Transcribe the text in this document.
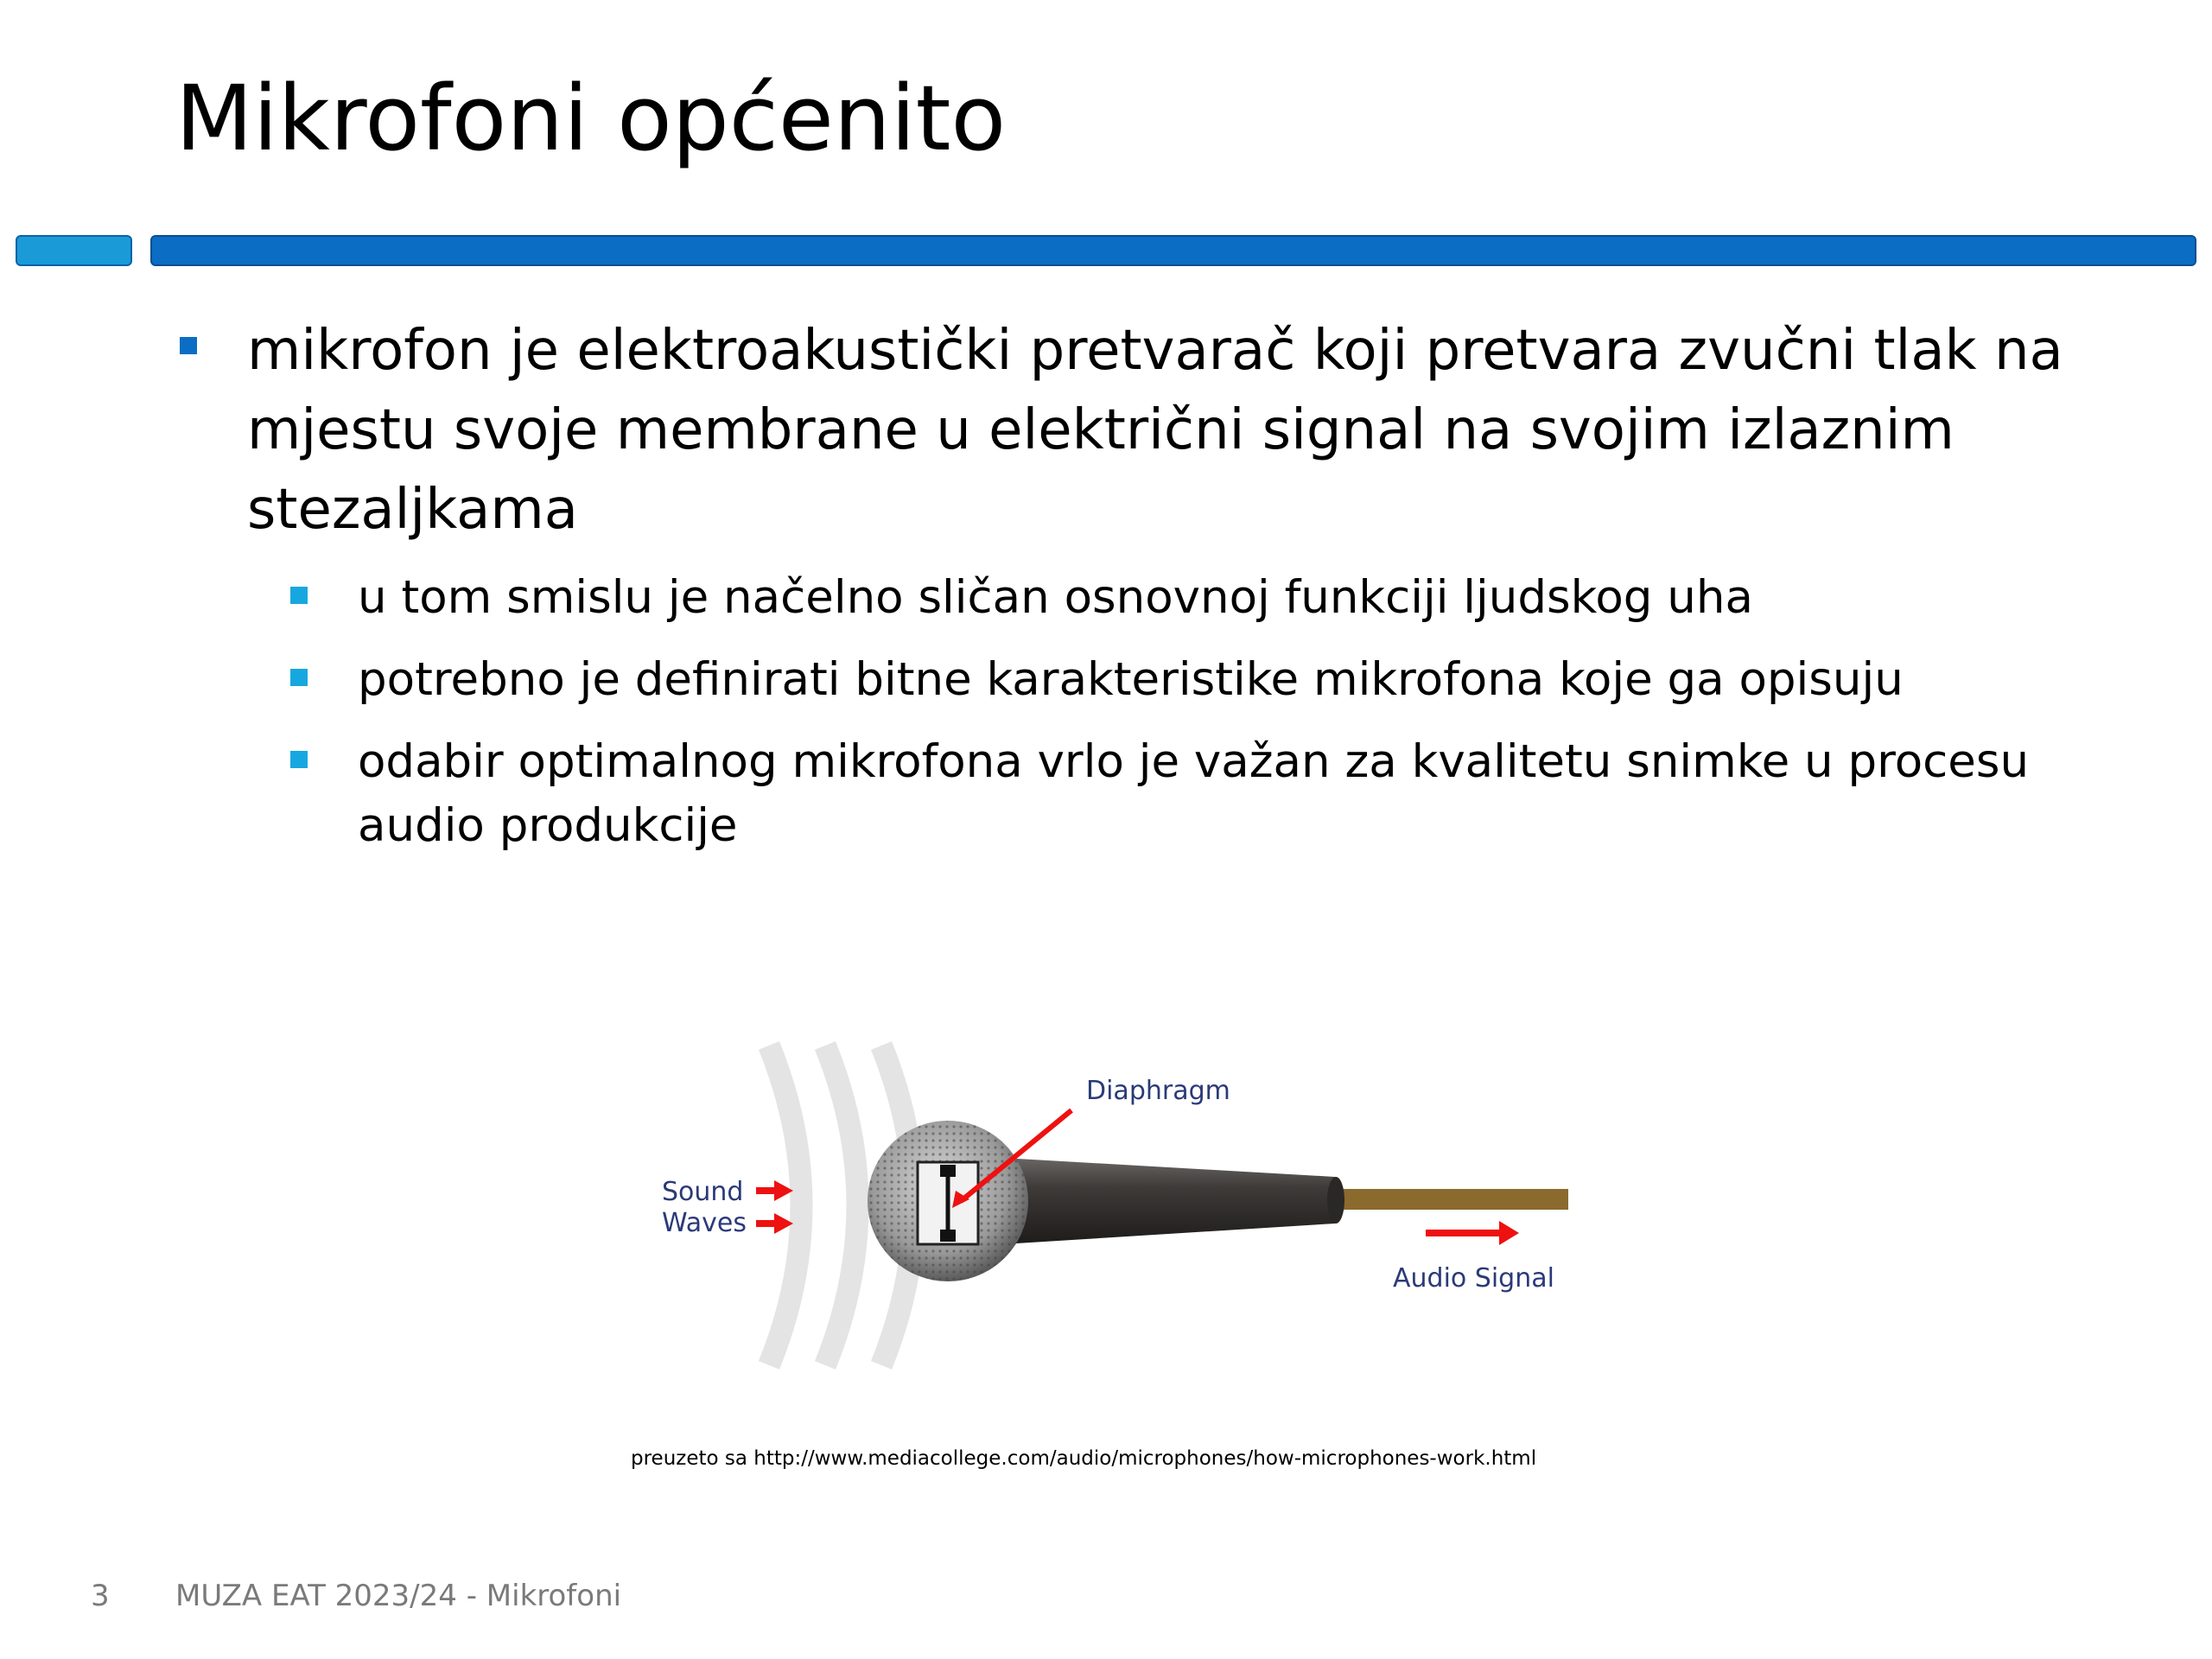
Mikrofoni općenito
mikrofon je elektroakustički pretvarač koji pretvara zvučni tlak na mjestu svoje membrane u električni signal na svojim izlaznim stezaljkama
u tom smislu je načelno sličan osnovnoj funkciji ljudskog uha
potrebno je definirati bitne karakteristike mikrofona koje ga opisuju
odabir optimalnog mikrofona vrlo je važan za kvalitetu snimke u procesu audio produkcije
Diaphragm
Sound
Waves
Audio Signal
preuzeto sa http://www.mediacollege.com/audio/microphones/how-microphones-work.html
3 MUZA EAT 2023/24 - Mikrofoni
